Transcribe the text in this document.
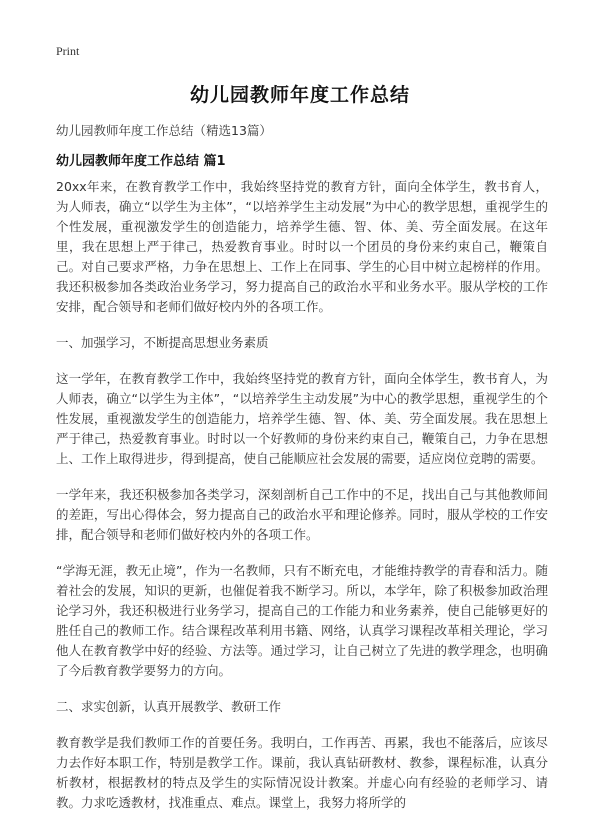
Print
幼儿园教师年度工作总结
幼儿园教师年度工作总结（精选13篇）
幼儿园教师年度工作总结 篇1

20xx年来，在教育教学工作中，我始终坚持党的教育方针，面向全体学生，教书育人，为人师表，确立“以学生为主体”，“以培养学生主动发展”为中心的教学思想，重视学生的个性发展，重视激发学生的创造能力，培养学生德、智、体、美、劳全面发展。在这年里，我在思想上严于律己，热爱教育事业。时时以一个团员的身份来约束自己，鞭策自己。对自己要求严格，力争在思想上、工作上在同事、学生的心目中树立起榜样的作用。我还积极参加各类政治业务学习，努力提高自己的政治水平和业务水平。服从学校的工作安排，配合领导和老师们做好校内外的各项工作。

一、加强学习，不断提高思想业务素质

这一学年，在教育教学工作中，我始终坚持党的教育方针，面向全体学生，教书育人，为人师表，确立“以学生为主体”，“以培养学生主动发展”为中心的教学思想，重视学生的个性发展，重视激发学生的创造能力，培养学生德、智、体、美、劳全面发展。我在思想上严于律己，热爱教育事业。时时以一个好教师的身份来约束自己，鞭策自己，力争在思想上、工作上取得进步，得到提高，使自己能顺应社会发展的需要，适应岗位竞聘的需要。

一学年来，我还积极参加各类学习，深刻剖析自己工作中的不足，找出自己与其他教师间的差距，写出心得体会，努力提高自己的政治水平和理论修养。同时，服从学校的工作安排，配合领导和老师们做好校内外的各项工作。

“学海无涯，教无止境”，作为一名教师，只有不断充电，才能维持教学的青春和活力。随着社会的发展，知识的更新，也催促着我不断学习。所以，本学年，除了积极参加政治理论学习外，我还积极进行业务学习，提高自己的工作能力和业务素养，使自己能够更好的胜任自己的教师工作。结合课程改革利用书籍、网络，认真学习课程改革相关理论，学习他人在教育教学中好的经验、方法等。通过学习，让自己树立了先进的教学理念，也明确了今后教育教学要努力的方向。

二、求实创新，认真开展教学、教研工作

教育教学是我们教师工作的首要任务。我明白，工作再苦、再累，我也不能落后，应该尽力去作好本职工作，特别是教学工作。课前，我认真钻研教材、教参，课程标准，认真分析教材，根据教材的特点及学生的实际情况设计教案。并虚心向有经验的老师学习、请教。力求吃透教材，找准重点、难点。课堂上，我努力将所学的
